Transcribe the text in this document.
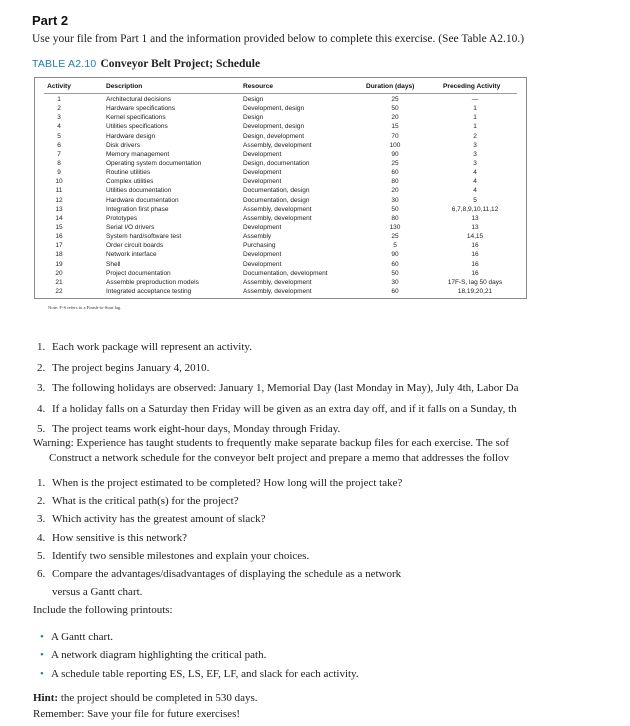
Part 2
Use your file from Part 1 and the information provided below to complete this exercise. (See Table A2.10.)
TABLE A2.10 Conveyor Belt Project; Schedule
Activity	Description	Resource	Duration (days)	Preceding Activity
1	Architectural decisions	Design	25	—
2	Hardware specifications	Development, design	50	1
3	Kernel specifications	Design	20	1
4	Utilities specifications	Development, design	15	1
5	Hardware design	Design, development	70	2
6	Disk drivers	Assembly, development	100	3
7	Memory management	Development	90	3
8	Operating system documentation	Design, documentation	25	3
9	Routine utilities	Development	60	4
10	Complex utilities	Development	80	4
11	Utilities documentation	Documentation, design	20	4
12	Hardware documentation	Documentation, design	30	5
13	Integration first phase	Assembly, development	50	6,7,8,9,10,11,12
14	Prototypes	Assembly, development	80	13
15	Serial I/O drivers	Development	130	13
16	System hard/software test	Assembly	25	14,15
17	Order circuit boards	Purchasing	5	16
18	Network interface	Development	90	16
19	Shell	Development	60	16
20	Project documentation	Documentation, development	50	16
21	Assemble preproduction models	Assembly, development	30	17F-S, lag 50 days
22	Integrated acceptance testing	Assembly, development	60	18,19,20,21
Note: F-S refers to a Finish-to-Start lag.
1. Each work package will represent an activity.
2. The project begins January 4, 2010.
3. The following holidays are observed: January 1, Memorial Day (last Monday in May), July 4th, Labor Da
4. If a holiday falls on a Saturday then Friday will be given as an extra day off, and if it falls on a Sunday, th
5. The project teams work eight-hour days, Monday through Friday.
Warning: Experience has taught students to frequently make separate backup files for each exercise. The sof
Construct a network schedule for the conveyor belt project and prepare a memo that addresses the follov
1. When is the project estimated to be completed? How long will the project take?
2. What is the critical path(s) for the project?
3. Which activity has the greatest amount of slack?
4. How sensitive is this network?
5. Identify two sensible milestones and explain your choices.
6. Compare the advantages/disadvantages of displaying the schedule as a network
versus a Gantt chart.
Include the following printouts:
• A Gantt chart.
• A network diagram highlighting the critical path.
• A schedule table reporting ES, LS, EF, LF, and slack for each activity.
Hint: the project should be completed in 530 days.
Remember: Save your file for future exercises!
